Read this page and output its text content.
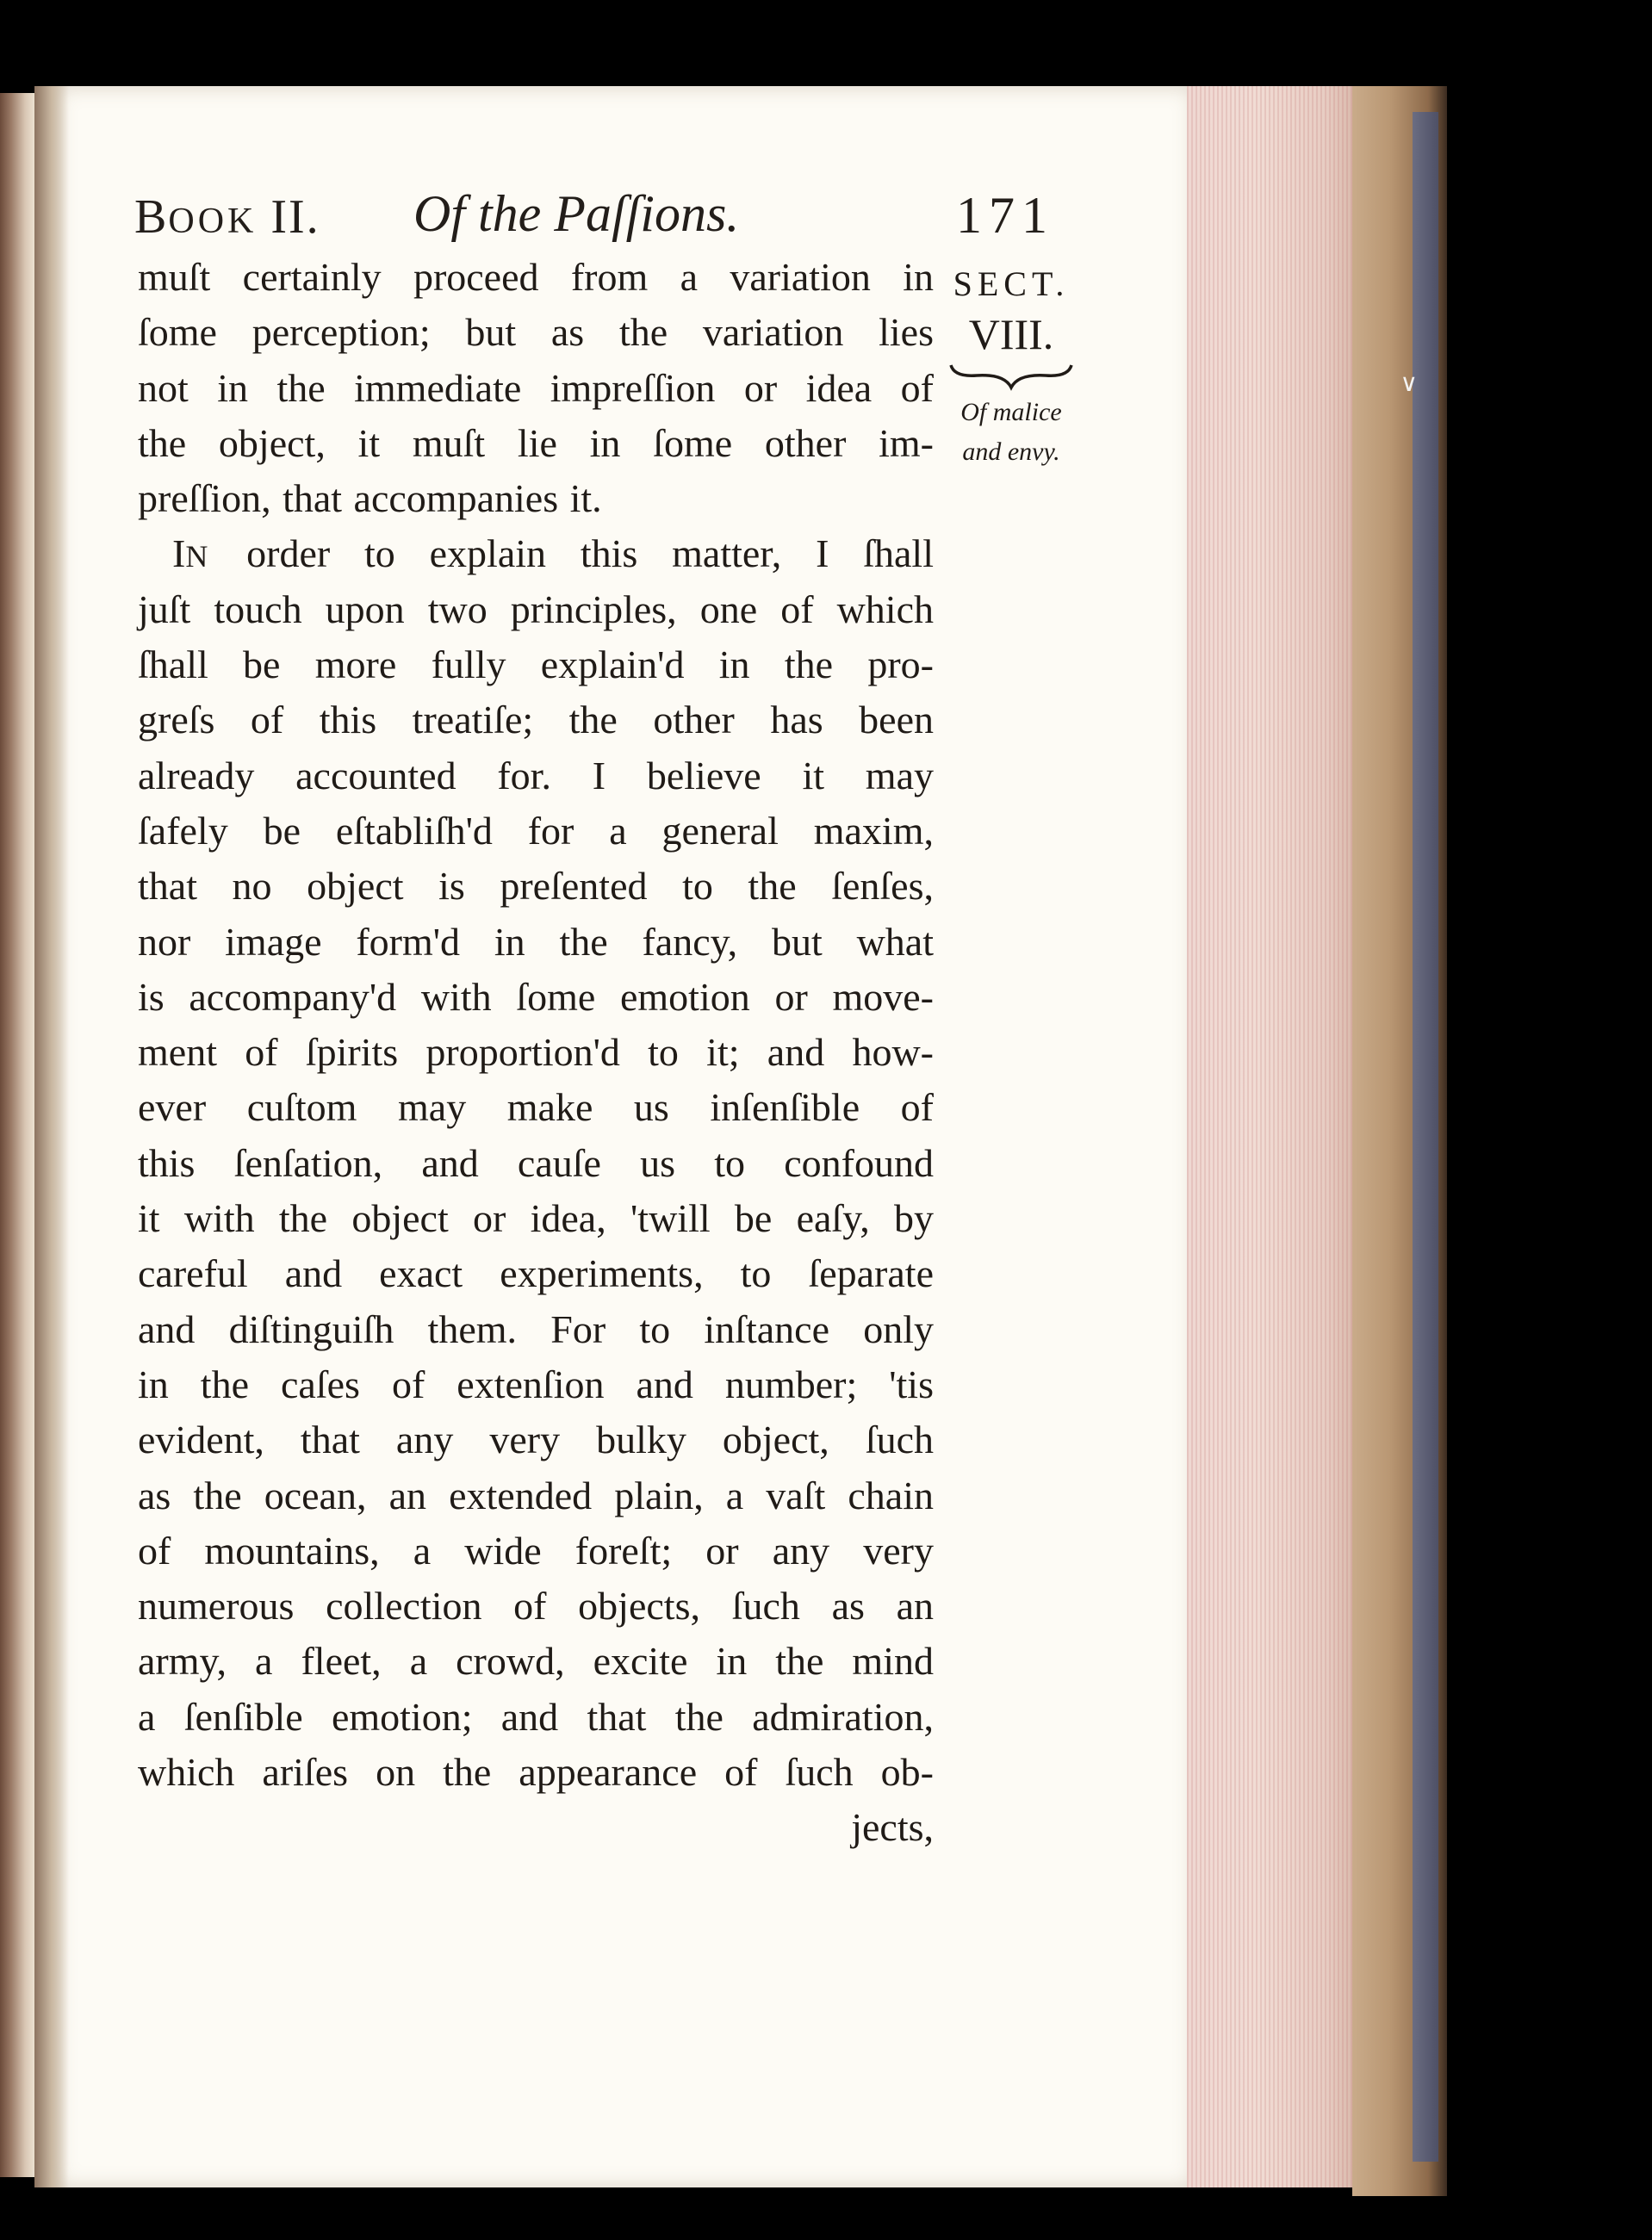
∨
BOOK II. Of the Paſſions.	171
SECT.
VIII.
Of malice
and envy.
muſt certainly proceed from a variation in
ſome perception; but as the variation lies
not in the immediate impreſſion or idea of
the object, it muſt lie in ſome other im-
preſſion, that accompanies it.
IN order to explain this matter, I ſhall
juſt touch upon two principles, one of which
ſhall be more fully explain'd in the pro-
greſs of this treatiſe; the other has been
already accounted for. I believe it may
ſafely be eſtabliſh'd for a general maxim,
that no object is preſented to the ſenſes,
nor image form'd in the fancy, but what
is accompany'd with ſome emotion or move-
ment of ſpirits proportion'd to it; and how-
ever cuſtom may make us inſenſible of
this ſenſation, and cauſe us to confound
it with the object or idea, 'twill be eaſy, by
careful and exact experiments, to ſeparate
and diſtinguiſh them. For to inſtance only
in the caſes of extenſion and number; 'tis
evident, that any very bulky object, ſuch
as the ocean, an extended plain, a vaſt chain
of mountains, a wide foreſt; or any very
numerous collection of objects, ſuch as an
army, a fleet, a crowd, excite in the mind
a ſenſible emotion; and that the admiration,
which ariſes on the appearance of ſuch ob-
jects,
